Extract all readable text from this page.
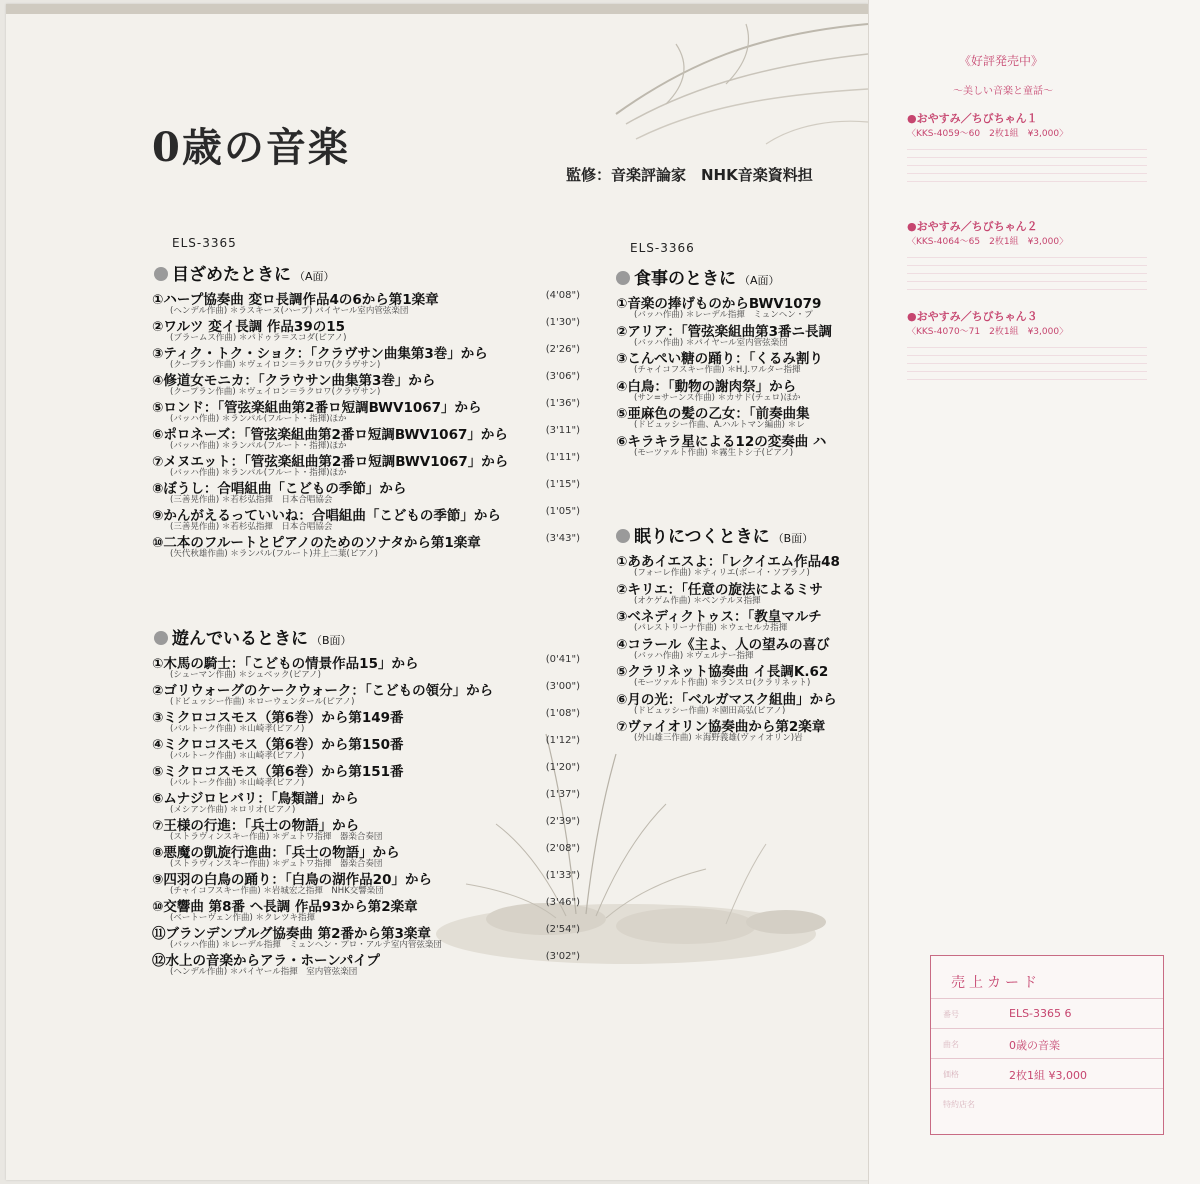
0歳の音楽
監修：音楽評論家　NHK音楽資料担
ELS-3365
目ざめたときに （A面）
①ハープ協奏曲 変ロ長調作品4の6から第1楽章	(4'08")
(ヘンデル作曲) ＊ラスキーヌ(ハープ) パイヤール室内管弦楽団
②ワルツ 変イ長調 作品39の15	(1'30")
(ブラームス作曲) ＊パドゥラ＝スコダ(ピアノ)
③ティク・トク・ショク：「クラヴサン曲集第3巻」から	(2'26")
(クープラン作曲) ＊ヴェイロン＝ラクロワ(クラヴサン)
④修道女モニカ：「クラウサン曲集第3巻」から	(3'06")
(クープラン作曲) ＊ヴェイロン＝ラクロワ(クラヴサン)
⑤ロンド：「管弦楽組曲第2番ロ短調BWV1067」から	(1'36")
(バッハ作曲) ＊ランパル(フルート・指揮)ほか
⑥ポロネーズ：「管弦楽組曲第2番ロ短調BWV1067」から	(3'11")
(バッハ作曲) ＊ランパル(フルート・指揮)ほか
⑦メヌエット：「管弦楽組曲第2番ロ短調BWV1067」から	(1'11")
(バッハ作曲) ＊ランパル(フルート・指揮)ほか
⑧ぼうし：合唱組曲「こどもの季節」から	(1'15")
(三善晃作曲) ＊若杉弘指揮　日本合唱協会
⑨かんがえるっていいね：合唱組曲「こどもの季節」から	(1'05")
(三善晃作曲) ＊若杉弘指揮　日本合唱協会
⑩二本のフルートとピアノのためのソナタから第1楽章	(3'43")
(矢代秋雄作曲) ＊ランパル(フルート)井上二葉(ピアノ)
遊んでいるときに （B面）
①木馬の騎士：「こどもの情景作品15」から	(0'41")
(シューマン作曲) ＊シュベック(ピアノ)
②ゴリウォーグのケークウォーク：「こどもの領分」から	(3'00")
(ドビュッシー作曲) ＊ローウェンタール(ピアノ)
③ミクロコスモス（第6巻）から第149番	(1'08")
(バルトーク作曲) ＊山崎孝(ピアノ)
④ミクロコスモス（第6巻）から第150番	(1'12")
(バルトーク作曲) ＊山崎孝(ピアノ)
⑤ミクロコスモス（第6巻）から第151番	(1'20")
(バルトーク作曲) ＊山崎孝(ピアノ)
⑥ムナジロヒバリ：「鳥類譜」から	(1'37")
(メシアン作曲) ＊ロリオ(ピアノ)
⑦王様の行進：「兵士の物語」から	(2'39")
(ストラヴィンスキー作曲) ＊デュトワ指揮　器楽合奏団
⑧悪魔の凱旋行進曲：「兵士の物語」から	(2'08")
(ストラヴィンスキー作曲) ＊デュトワ指揮　器楽合奏団
⑨四羽の白鳥の踊り：「白鳥の湖作品20」から	(1'33")
(チャイコフスキー作曲) ＊岩城宏之指揮　NHK交響楽団
⑩交響曲 第8番 ヘ長調 作品93から第2楽章	(3'46")
(ベートーヴェン作曲) ＊クレツキ指揮
⑪ブランデンブルグ協奏曲 第2番から第3楽章	(2'54")
(バッハ作曲) ＊レーデル指揮　ミュンヘン・プロ・アルテ室内管弦楽団
⑫水上の音楽からアラ・ホーンパイプ	(3'02")
(ヘンデル作曲) ＊パイヤール指揮　室内管弦楽団
ELS-3366
食事のときに （A面）
①音楽の捧げものからBWV1079
(バッハ作曲) ＊レーデル指揮　ミュンヘン・プ
②アリア：「管弦楽組曲第3番ニ長調
(バッハ作曲) ＊パイヤール室内管弦楽団
③こんぺい糖の踊り：「くるみ割り
(チャイコフスキー作曲) ＊H.J.ワルター指揮
④白鳥：「動物の謝肉祭」から
(サン=サーンス作曲) ＊カサド(チェロ)ほか
⑤亜麻色の髪の乙女：「前奏曲集
(ドビュッシー作曲、A.ハルトマン編曲) ＊レ
⑥キラキラ星による12の変奏曲 ハ
(モーツァルト作曲) ＊霧生トシ子(ピアノ)
眠りにつくときに （B面）
①ああイエスよ：「レクイエム作品48
(フォーレ作曲) ＊ティリエ(ボーイ・ソプラノ)
②キリエ：「任意の旋法によるミサ
(オケゲム作曲) ＊ベンテルヌ指揮
③ベネディクトゥス：「教皇マルチ
(パレストリーナ作曲) ＊ウェセルカ指揮
④コラール《主よ、人の望みの喜び
(バッハ作曲) ＊ヴェルナー指揮
⑤クラリネット協奏曲 イ長調K.62
(モーツァルト作曲) ＊ランスロ(クラリネット)
⑥月の光：「ベルガマスク組曲」から
(ドビュッシー作曲) ＊園田高弘(ピアノ)
⑦ヴァイオリン協奏曲から第2楽章
(外山雄三作曲) ＊海野義雄(ヴァイオリン)岩
《好評発売中》
～美しい音楽と童話～
●おやすみ／ちびちゃん１
〈KKS-4059～60　2枚1組　¥3,000〉
●おやすみ／ちびちゃん２
〈KKS-4064～65　2枚1組　¥3,000〉
●おやすみ／ちびちゃん３
〈KKS-4070～71　2枚1組　¥3,000〉
売上カード
番号	ELS-3365 6
曲名	0歳の音楽
価格	2枚1組 ¥3,000
特約店名
